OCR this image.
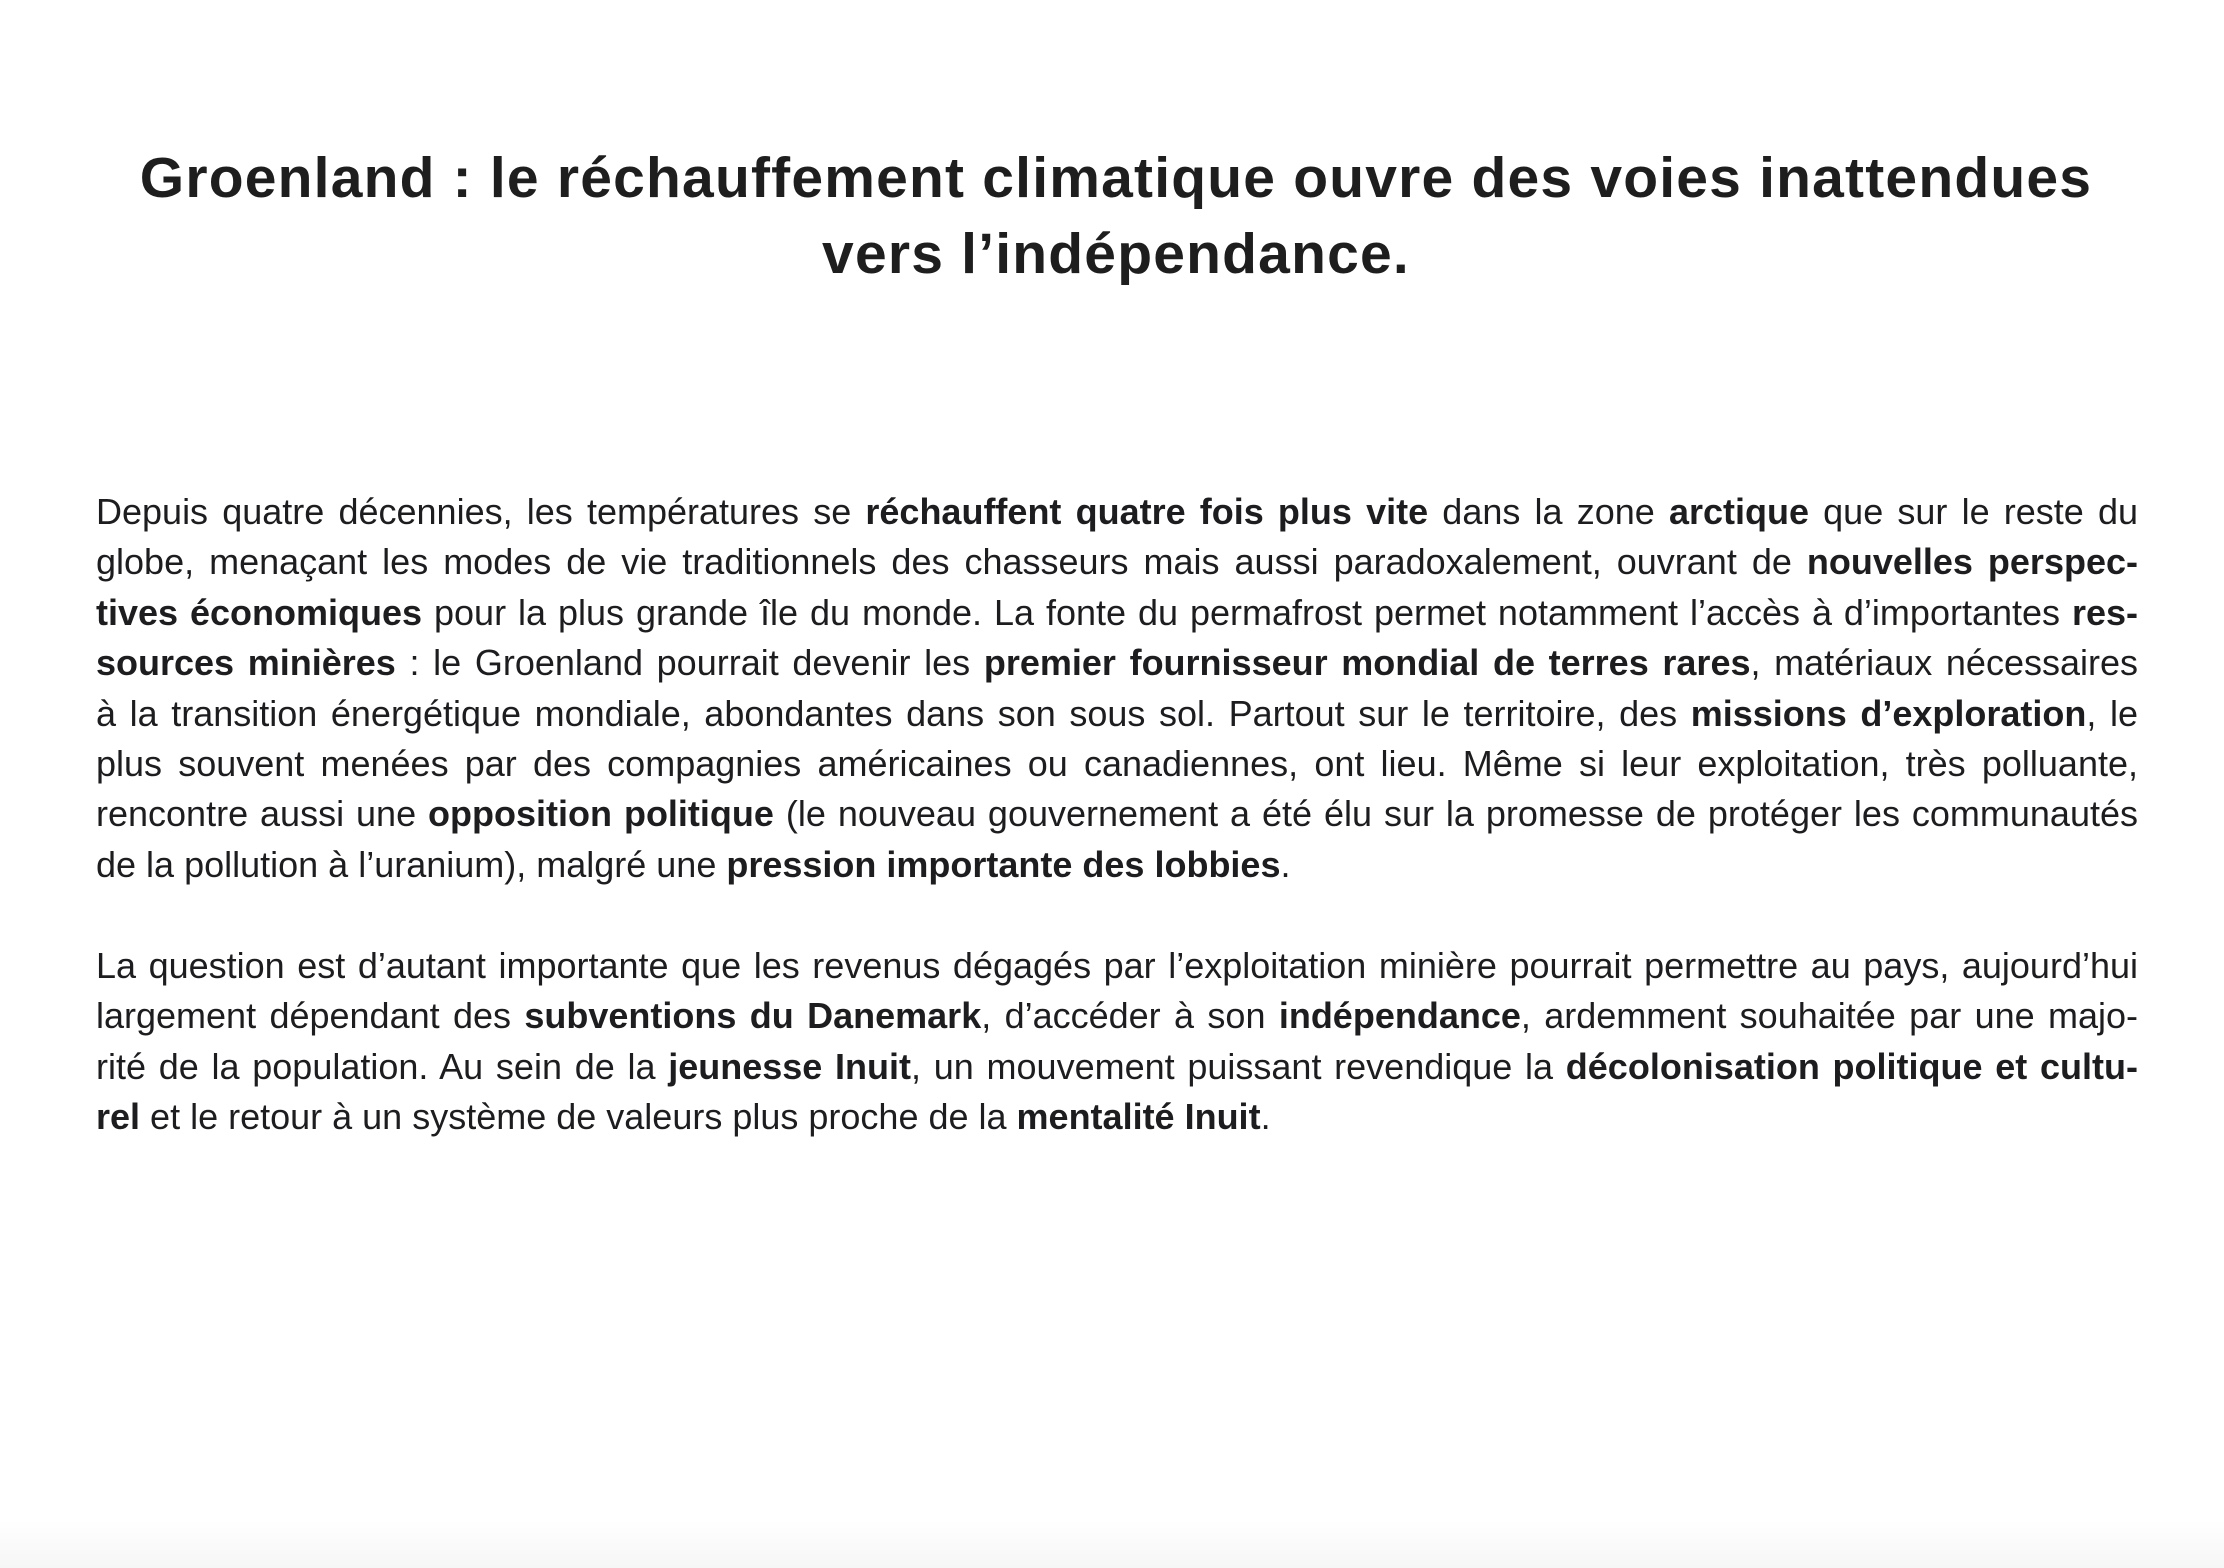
Groenland : le réchauffement climatique ouvre des voies inattendues
vers l’indépendance.
Depuis quatre décennies, les températures se réchauffent quatre fois plus vite dans la zone arctique que sur le reste du
globe, menaçant les modes de vie traditionnels des chasseurs mais aussi paradoxalement, ouvrant de nouvelles perspec-
tives économiques pour la plus grande île du monde. La fonte du permafrost permet notamment l’accès à d’importantes res-
sources minières : le Groenland pourrait devenir les premier fournisseur mondial de terres rares, matériaux nécessaires
à la transition énergétique mondiale, abondantes dans son sous sol. Partout sur le territoire, des missions d’exploration, le
plus souvent menées par des compagnies américaines ou canadiennes, ont lieu. Même si leur exploitation, très polluante,
rencontre aussi une opposition politique (le nouveau gouvernement a été élu sur la promesse de protéger les communautés
de la pollution à l’uranium), malgré une pression importante des lobbies.
La question est d’autant importante que les revenus dégagés par l’exploitation minière pourrait permettre au pays, aujourd’hui
largement dépendant des subventions du Danemark, d’accéder à son indépendance, ardemment souhaitée par une majo-
rité de la population. Au sein de la jeunesse Inuit, un mouvement puissant revendique la décolonisation politique et cultu-
rel et le retour à un système de valeurs plus proche de la mentalité Inuit.
